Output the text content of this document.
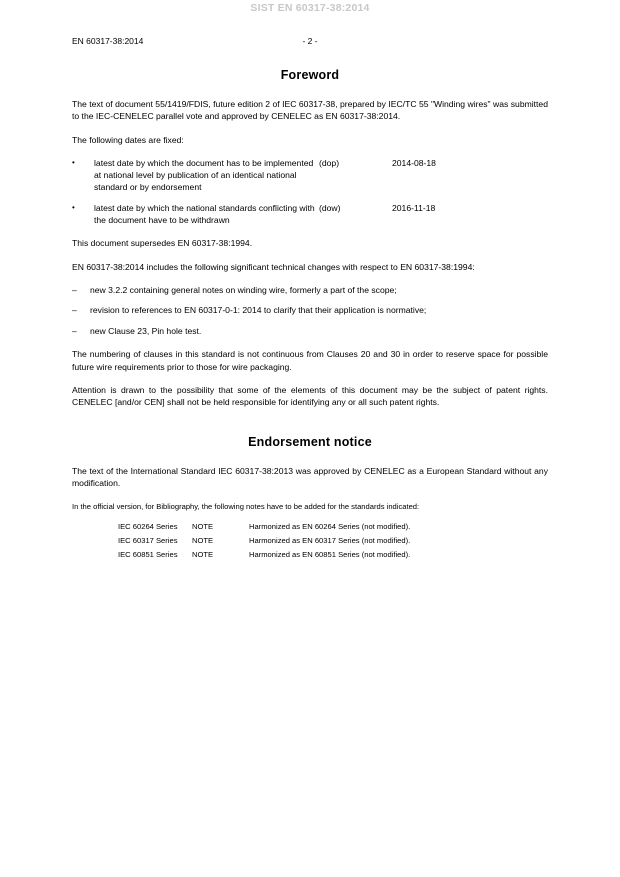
SIST EN 60317-38:2014
EN 60317-38:2014	- 2 -
Foreword

The text of document 55/1419/FDIS, future edition 2 of IEC 60317-38, prepared by IEC/TC 55 "Winding wires" was submitted to the IEC-CENELEC parallel vote and approved by CENELEC as EN 60317-38:2014.

The following dates are fixed:

• latest date by which the document has to be implemented at national level by publication of an identical national standard or by endorsement
(dop)	2014-08-18
• latest date by which the national standards conflicting with the document have to be withdrawn
(dow)	2016-11-18

This document supersedes EN 60317-38:1994.

EN 60317-38:2014 includes the following significant technical changes with respect to EN 60317-38:1994:

– new 3.2.2 containing general notes on winding wire, formerly a part of the scope;
– revision to references to EN 60317-0-1: 2014 to clarify that their application is normative;
– new Clause 23, Pin hole test.

The numbering of clauses in this standard is not continuous from Clauses 20 and 30 in order to reserve space for possible future wire requirements prior to those for wire packaging.

Attention is drawn to the possibility that some of the elements of this document may be the subject of patent rights. CENELEC [and/or CEN] shall not be held responsible for identifying any or all such patent rights.

Endorsement notice

The text of the International Standard IEC 60317-38:2013 was approved by CENELEC as a European Standard without any modification.

In the official version, for Bibliography, the following notes have to be added for the standards indicated:

IEC 60264 Series	NOTE	Harmonized as EN 60264 Series (not modified).
IEC 60317 Series	NOTE	Harmonized as EN 60317 Series (not modified).
IEC 60851 Series	NOTE	Harmonized as EN 60851 Series (not modified).
